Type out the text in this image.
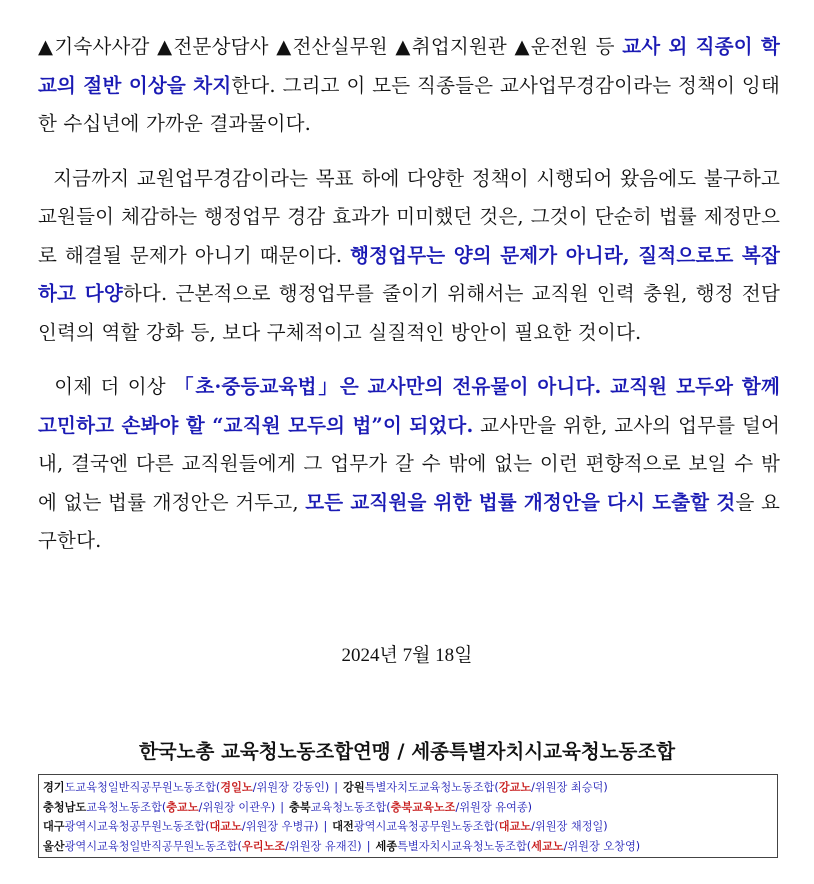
▲기숙사사감 ▲전문상담사 ▲전산실무원 ▲취업지원관 ▲운전원 등 교사 외 직종이 학교의 절반 이상을 차지한다. 그리고 이 모든 직종들은 교사업무경감이라는 정책이 잉태한 수십년에 가까운 결과물이다.

지금까지 교원업무경감이라는 목표 하에 다양한 정책이 시행되어 왔음에도 불구하고 교원들이 체감하는 행정업무 경감 효과가 미미했던 것은, 그것이 단순히 법률 제정만으로 해결될 문제가 아니기 때문이다. 행정업무는 양의 문제가 아니라, 질적으로도 복잡하고 다양하다. 근본적으로 행정업무를 줄이기 위해서는 교직원 인력 충원, 행정 전담 인력의 역할 강화 등, 보다 구체적이고 실질적인 방안이 필요한 것이다.

이제 더 이상 「초·중등교육법」은 교사만의 전유물이 아니다. 교직원 모두와 함께 고민하고 손봐야 할 “교직원 모두의 법”이 되었다. 교사만을 위한, 교사의 업무를 덜어내, 결국엔 다른 교직원들에게 그 업무가 갈 수 밖에 없는 이런 편향적으로 보일 수 밖에 없는 법률 개정안은 거두고, 모든 교직원을 위한 법률 개정안을 다시 도출할 것을 요구한다.

2024년 7월 18일
한국노총 교육청노동조합연맹 / 세종특별자치시교육청노동조합
경기도교육청일반직공무원노동조합(경일노/위원장 강동인) | 강원특별자치도교육청노동조합(강교노/위원장 최승덕)
충청남도교육청노동조합(충교노/위원장 이관우) | 충북교육청노동조합(충북교육노조/위원장 유여종)
대구광역시교육청공무원노동조합(대교노/위원장 우병규) | 대전광역시교육청공무원노동조합(대교노/위원장 채정일)
울산광역시교육청일반직공무원노동조합(우리노조/위원장 유재진) | 세종특별자치시교육청노동조합(세교노/위원장 오창영)
